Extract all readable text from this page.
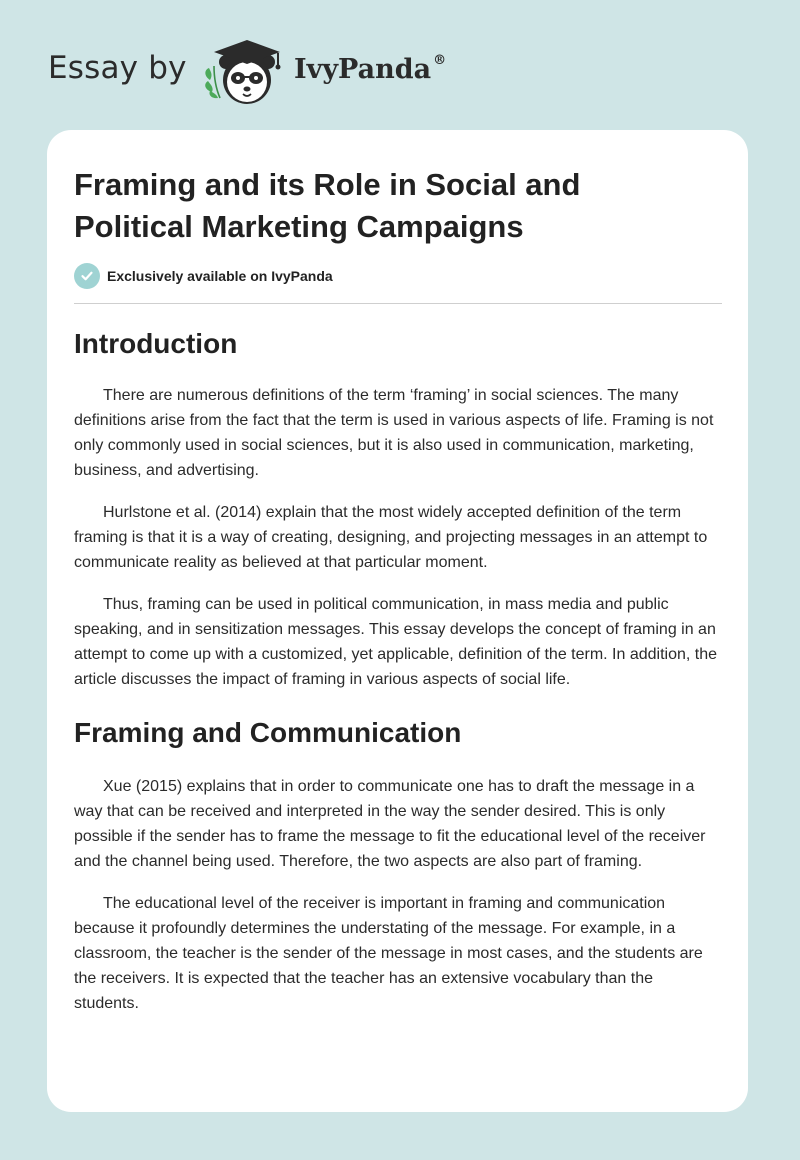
Essay by	IvyPanda ®
Framing and its Role in Social and Political Marketing Campaigns
Exclusively available on IvyPanda
Introduction

There are numerous definitions of the term ‘framing’ in social sciences. The many definitions arise from the fact that the term is used in various aspects of life. Framing is not only commonly used in social sciences, but it is also used in communication, marketing, business, and advertising.

Hurlstone et al. (2014) explain that the most widely accepted definition of the term framing is that it is a way of creating, designing, and projecting messages in an attempt to communicate reality as believed at that particular moment.

Thus, framing can be used in political communication, in mass media and public speaking, and in sensitization messages. This essay develops the concept of framing in an attempt to come up with a customized, yet applicable, definition of the term. In addition, the article discusses the impact of framing in various aspects of social life.

Framing and Communication

Xue (2015) explains that in order to communicate one has to draft the message in a way that can be received and interpreted in the way the sender desired. This is only possible if the sender has to frame the message to fit the educational level of the receiver and the channel being used. Therefore, the two aspects are also part of framing.

The educational level of the receiver is important in framing and communication because it profoundly determines the understating of the message. For example, in a classroom, the teacher is the sender of the message in most cases, and the students are the receivers. It is expected that the teacher has an extensive vocabulary than the students.
